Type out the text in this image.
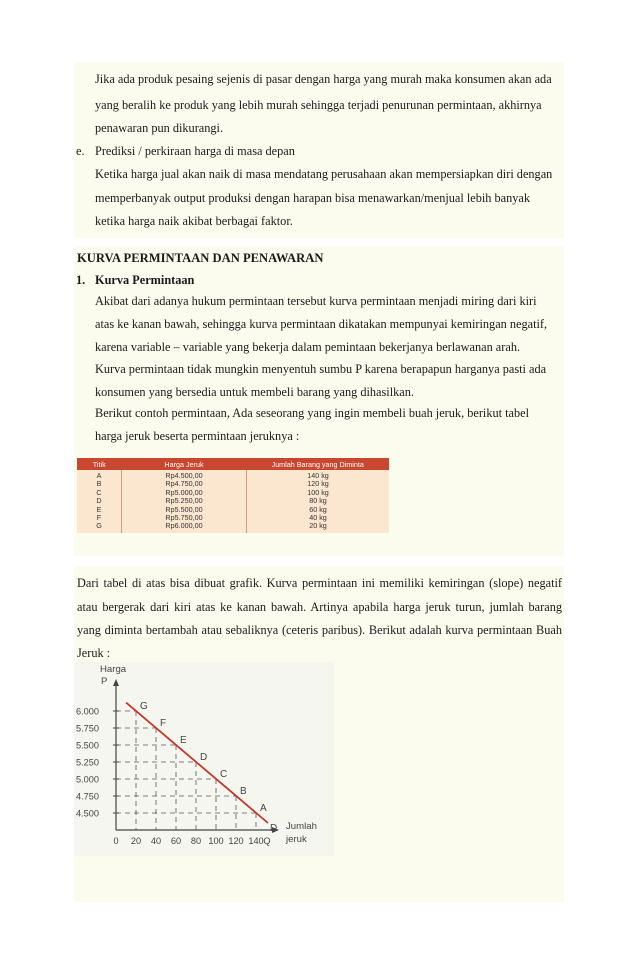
Jika ada produk pesaing sejenis di pasar dengan harga yang murah maka konsumen akan ada
yang beralih ke produk yang lebih murah sehingga terjadi penurunan permintaan, akhirnya
penawaran pun dikurangi.
e. Prediksi / perkiraan harga di masa depan
Ketika harga jual akan naik di masa mendatang perusahaan akan mempersiapkan diri dengan
memperbanyak output produksi dengan harapan bisa menawarkan/menjual lebih banyak
ketika harga naik akibat berbagai faktor.
KURVA PERMINTAAN DAN PENAWARAN
1. Kurva Permintaan
Akibat dari adanya hukum permintaan tersebut kurva permintaan menjadi miring dari kiri
atas ke kanan bawah, sehingga kurva permintaan dikatakan mempunyai kemiringan negatif,
karena variable – variable yang bekerja dalam pemintaan bekerjanya berlawanan arah.
Kurva permintaan tidak mungkin menyentuh sumbu P karena berapapun harganya pasti ada
konsumen yang bersedia untuk membeli barang yang dihasilkan.
Berikut contoh permintaan, Ada seseorang yang ingin membeli buah jeruk, berikut tabel
harga jeruk beserta permintaan jeruknya :
Titik	Harga Jeruk	Jumlah Barang yang Diminta
A	Rp4.500,00	140 kg
B	Rp4.750,00	120 kg
C	Rp5.000,00	100 kg
D	Rp5.250,00	80 kg
E	Rp5.500,00	60 kg
F	Rp5.750,00	40 kg
G	Rp6.000,00	20 kg
Dari tabel di atas bisa dibuat grafik. Kurva permintaan ini memiliki kemiringan (slope) negatif
atau bergerak dari kiri atas ke kanan bawah. Artinya apabila harga jeruk turun, jumlah barang
yang diminta bertambah atau sebaliknya (ceteris paribus). Berikut adalah kurva permintaan Buah
Jeruk :
G
F
E
D
C
B
A
D
4.500
4.750
5.000
5.250
5.500
5.750
6.000
0 20 40 60 80 100 120 140 Q
Harga
P
Jumlah
jeruk
